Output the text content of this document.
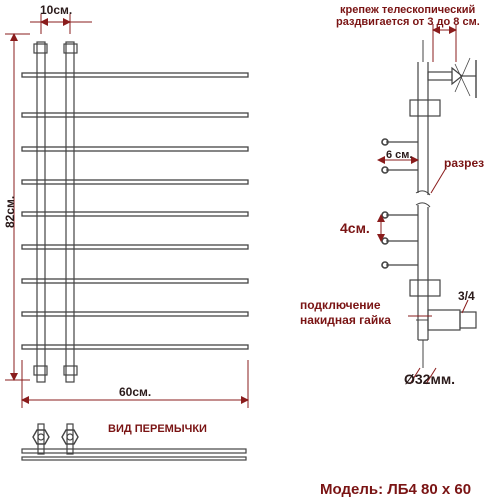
10см.
82см.
60см.
ВИД ПЕРЕМЫЧКИ
крепеж телескопический
раздвигается от 3 до 8 см.
6 см.
разрез
4см.
3/4
подключение
накидная гайка
Ø32мм.
Модель: ЛБ4 80 x 60
